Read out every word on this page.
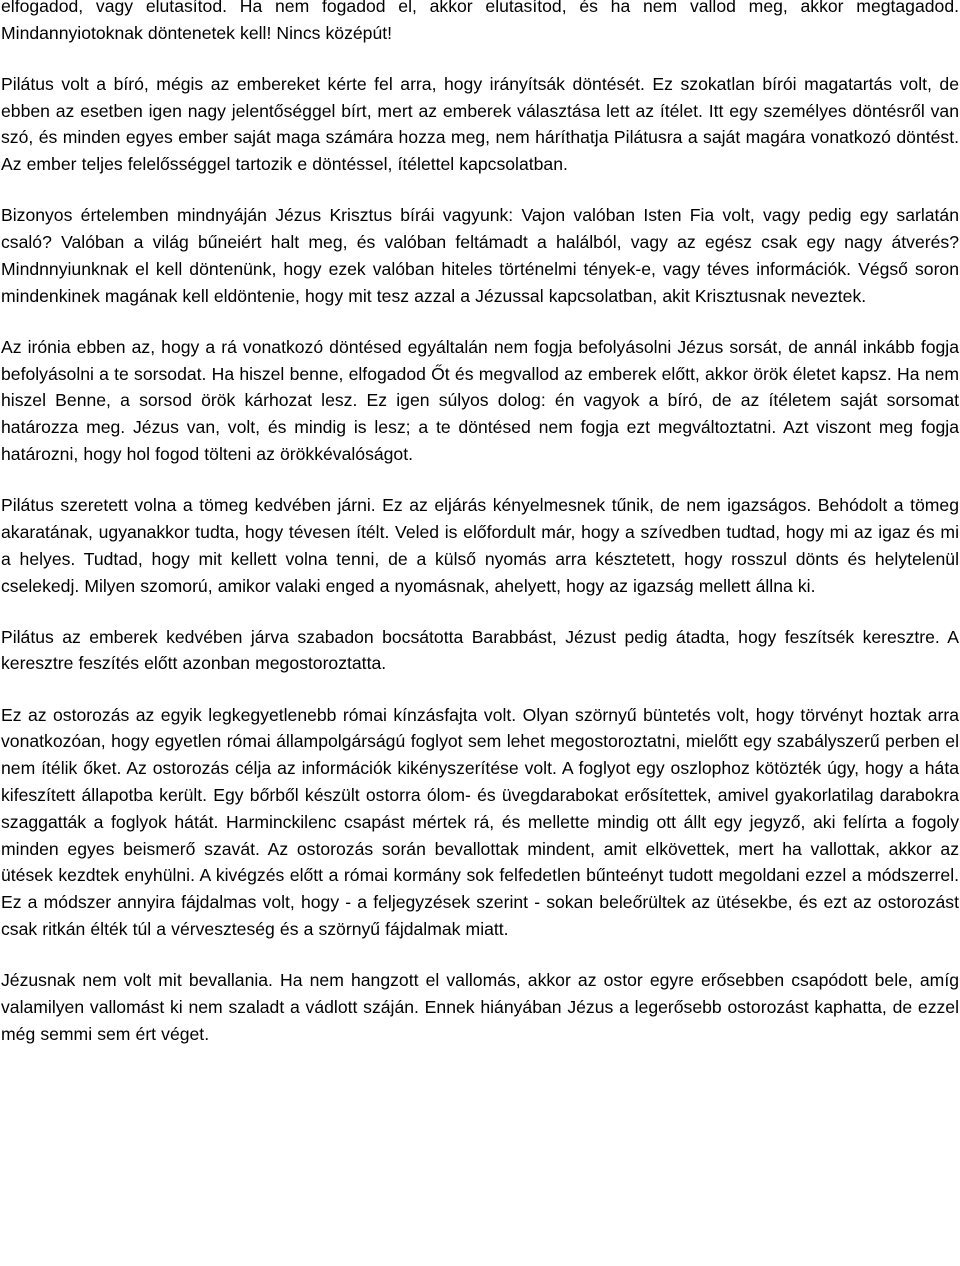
elfogadod, vagy elutasítod. Ha nem fogadod el, akkor elutasítod, és ha nem vallod meg, akkor megtagadod. Mindannyiotoknak döntenetek kell! Nincs középút!

Pilátus volt a bíró, mégis az embereket kérte fel arra, hogy irányítsák döntését. Ez szokatlan bírói magatartás volt, de ebben az esetben igen nagy jelentőséggel bírt, mert az emberek választása lett az ítélet. Itt egy személyes döntésről van szó, és minden egyes ember saját maga számára hozza meg, nem háríthatja Pilátusra a saját magára vonatkozó döntést. Az ember teljes felelősséggel tartozik e döntéssel, ítélettel kapcsolatban.

Bizonyos értelemben mindnyáján Jézus Krisztus bírái vagyunk: Vajon valóban Isten Fia volt, vagy pedig egy sarlatán csaló? Valóban a világ bűneiért halt meg, és valóban feltámadt a halálból, vagy az egész csak egy nagy átverés? Mindnnyiunknak el kell döntenünk, hogy ezek valóban hiteles történelmi tények-e, vagy téves információk. Végső soron mindenkinek magának kell eldöntenie, hogy mit tesz azzal a Jézussal kapcsolatban, akit Krisztusnak neveztek.

Az irónia ebben az, hogy a rá vonatkozó döntésed egyáltalán nem fogja befolyásolni Jézus sorsát, de annál inkább fogja befolyásolni a te sorsodat. Ha hiszel benne, elfogadod Őt és megvallod az emberek előtt, akkor örök életet kapsz. Ha nem hiszel Benne, a sorsod örök kárhozat lesz. Ez igen súlyos dolog: én vagyok a bíró, de az ítéletem saját sorsomat határozza meg. Jézus van, volt, és mindig is lesz; a te döntésed nem fogja ezt megváltoztatni. Azt viszont meg fogja határozni, hogy hol fogod tölteni az örökkévalóságot.

Pilátus szeretett volna a tömeg kedvében járni. Ez az eljárás kényelmesnek tűnik, de nem igazságos. Behódolt a tömeg akaratának, ugyanakkor tudta, hogy tévesen ítélt. Veled is előfordult már, hogy a szívedben tudtad, hogy mi az igaz és mi a helyes. Tudtad, hogy mit kellett volna tenni, de a külső nyomás arra késztetett, hogy rosszul dönts és helytelenül cselekedj. Milyen szomorú, amikor valaki enged a nyomásnak, ahelyett, hogy az igazság mellett állna ki.

Pilátus az emberek kedvében járva szabadon bocsátotta Barabbást, Jézust pedig átadta, hogy feszítsék keresztre. A keresztre feszítés előtt azonban megostoroztatta.

Ez az ostorozás az egyik legkegyetlenebb római kínzásfajta volt. Olyan szörnyű büntetés volt, hogy törvényt hoztak arra vonatkozóan, hogy egyetlen római állampolgárságú foglyot sem lehet megostoroztatni, mielőtt egy szabályszerű perben el nem ítélik őket. Az ostorozás célja az információk kikényszerítése volt. A foglyot egy oszlophoz kötözték úgy, hogy a háta kifeszített állapotba került. Egy bőrből készült ostorra ólom- és üvegdarabokat erősítettek, amivel gyakorlatilag darabokra szaggatták a foglyok hátát. Harminckilenc csapást mértek rá, és mellette mindig ott állt egy jegyző, aki felírta a fogoly minden egyes beismerő szavát. Az ostorozás során bevallottak mindent, amit elkövettek, mert ha vallottak, akkor az ütések kezdtek enyhülni. A kivégzés előtt a római kormány sok felfedetlen bűnteényt tudott megoldani ezzel a módszerrel. Ez a módszer annyira fájdalmas volt, hogy - a feljegyzések szerint - sokan beleőrültek az ütésekbe, és ezt az ostorozást csak ritkán élték túl a vérveszteség és a szörnyű fájdalmak miatt.

Jézusnak nem volt mit bevallania. Ha nem hangzott el vallomás, akkor az ostor egyre erősebben csapódott bele, amíg valamilyen vallomást ki nem szaladt a vádlott száján. Ennek hiányában Jézus a legerősebb ostorozást kaphatta, de ezzel még semmi sem ért véget.
